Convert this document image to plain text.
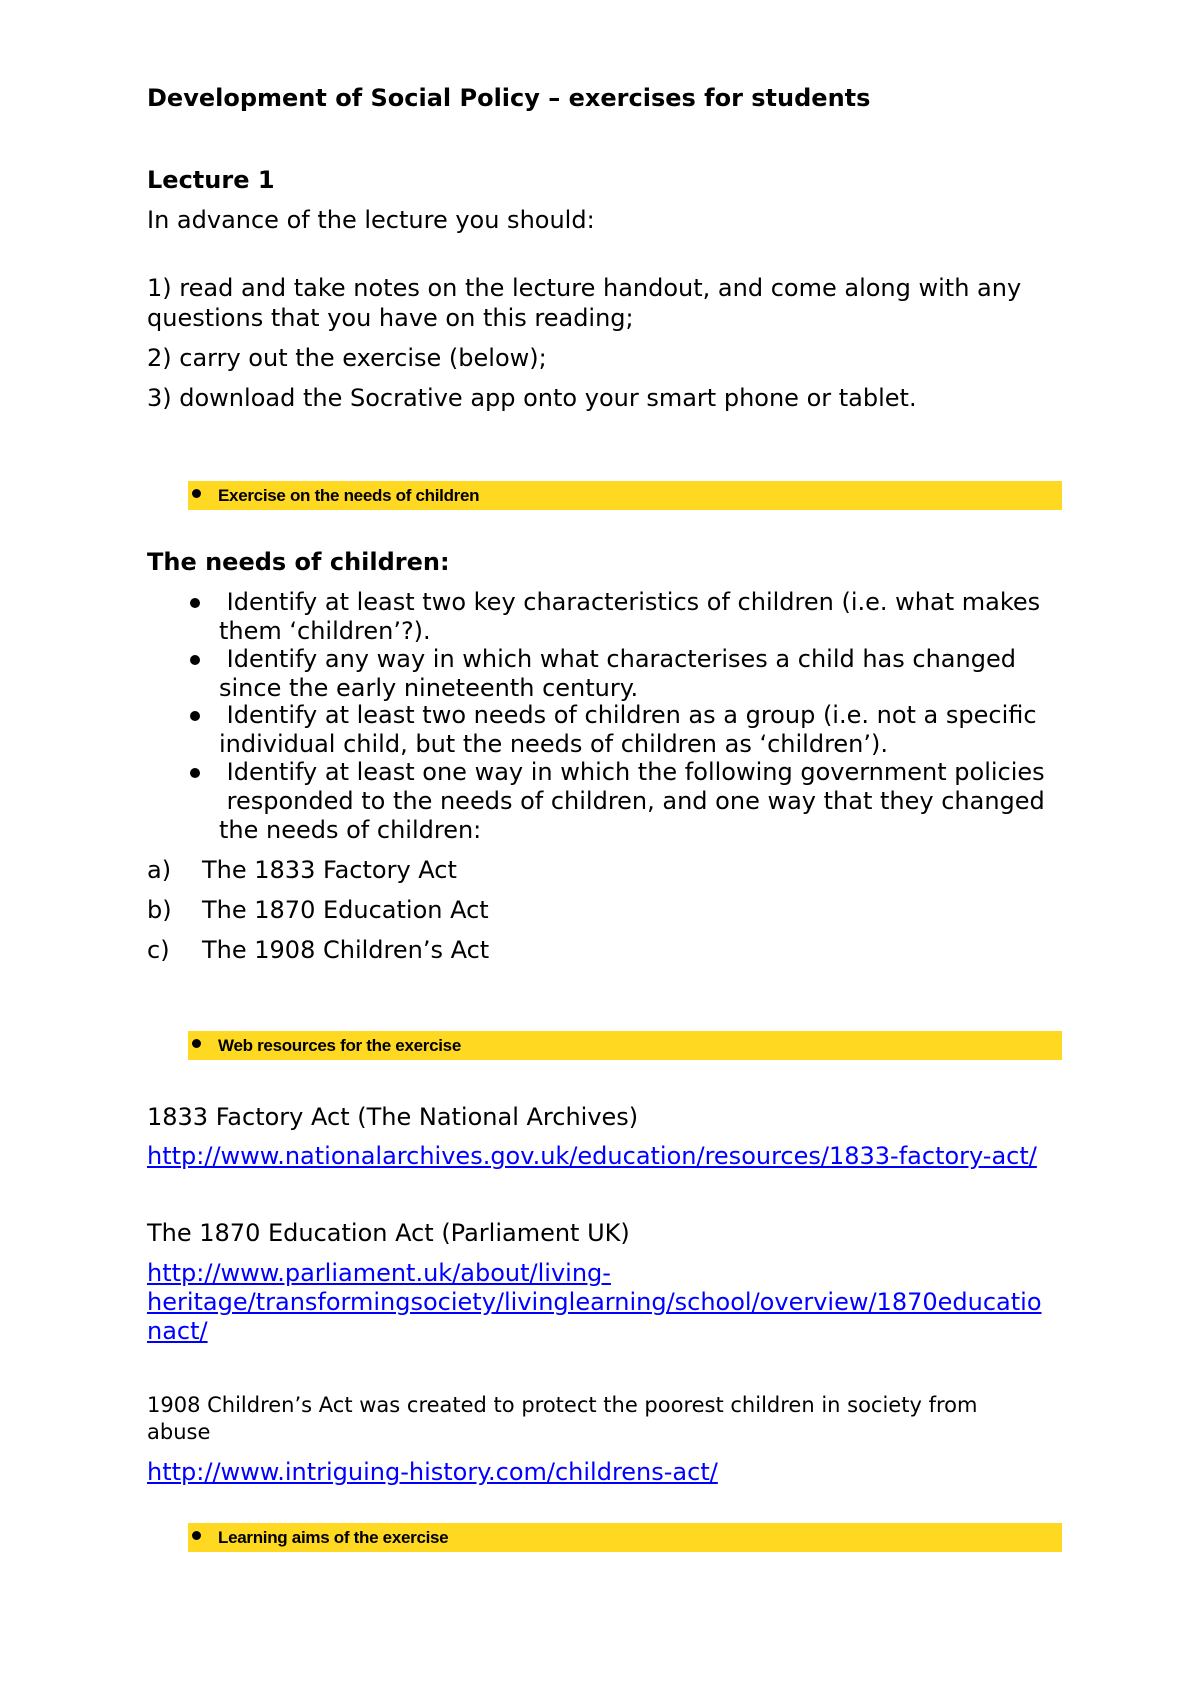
Development of Social Policy – exercises for students

Lecture 1

In advance of the lecture you should:

1) read and take notes on the lecture handout, and come along with any

questions that you have on this reading;

2) carry out the exercise (below);

3) download the Socrative app onto your smart phone or tablet.

Exercise on the needs of children

The needs of children:

Identify at least two key characteristics of children (i.e. what makes
them ‘children’?).
Identify any way in which what characterises a child has changed
since the early nineteenth century.
Identify at least two needs of children as a group (i.e. not a specific
individual child, but the needs of children as ‘children’).
Identify at least one way in which the following government policies
responded to the needs of children, and one way that they changed
the needs of children:
a) The 1833 Factory Act
b) The 1870 Education Act
c) The 1908 Children’s Act
Web resources for the exercise

1833 Factory Act (The National Archives)

http://www.nationalarchives.gov.uk/education/resources/1833-factory-act/

The 1870 Education Act (Parliament UK)

http://www.parliament.uk/about/living-
heritage/transformingsociety/livinglearning/school/overview/1870educatio
nact/

1908 Children’s Act was created to protect the poorest children in society from

abuse

http://www.intriguing-history.com/childrens-act/
Learning aims of the exercise
